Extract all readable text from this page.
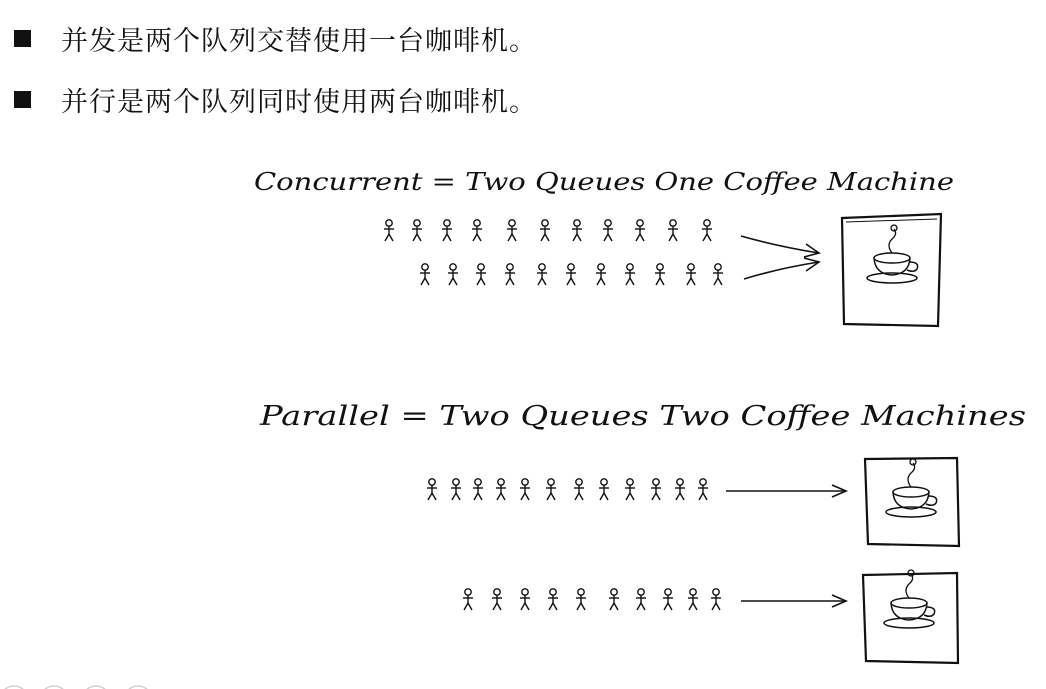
并发是两个队列交替使用一台咖啡机。
并行是两个队列同时使用两台咖啡机。
Concurrent = Two Queues One Coffee Machine
Parallel = Two Queues Two Coffee Machines
